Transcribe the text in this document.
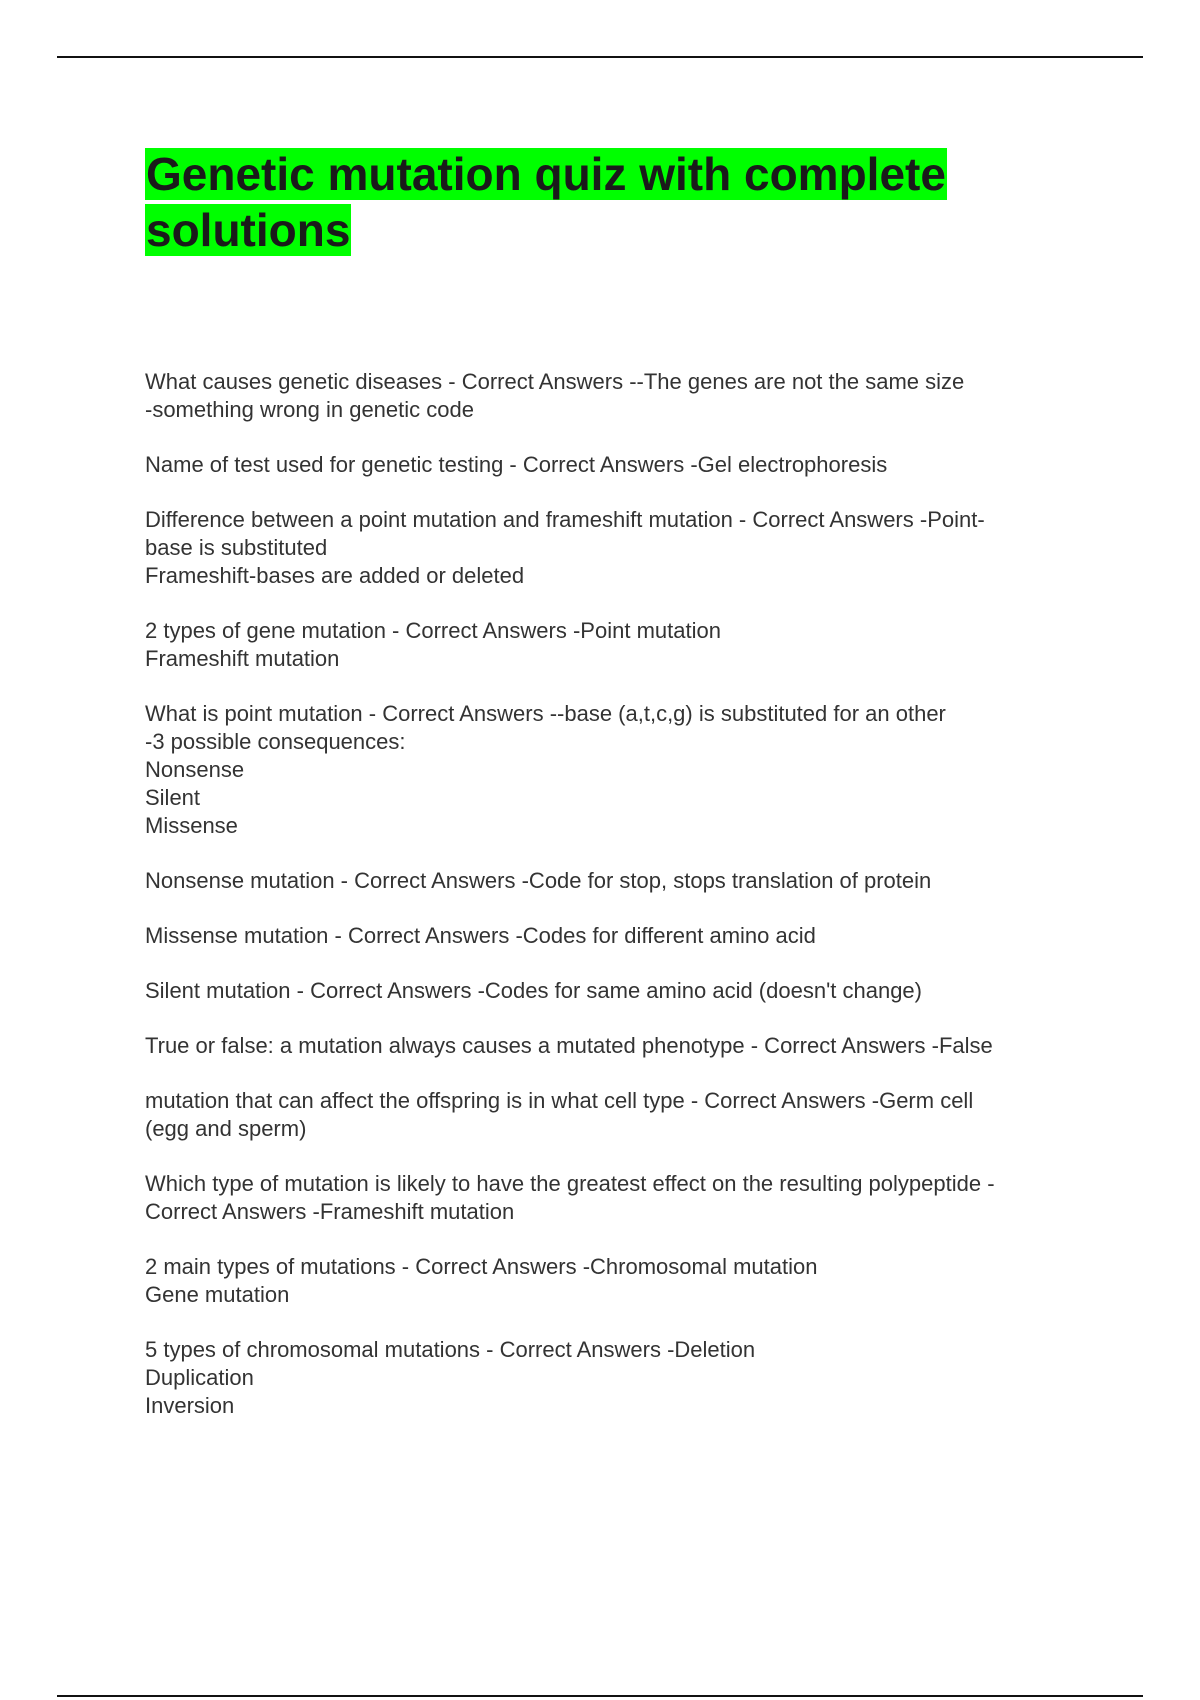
Genetic mutation quiz with complete solutions
What causes genetic diseases - Correct Answers --The genes are not the same size
-something wrong in genetic code
Name of test used for genetic testing - Correct Answers -Gel electrophoresis
Difference between a point mutation and frameshift mutation - Correct Answers -Point-
base is substituted
Frameshift-bases are added or deleted
2 types of gene mutation - Correct Answers -Point mutation
Frameshift mutation
What is point mutation - Correct Answers --base (a,t,c,g) is substituted for an other
-3 possible consequences:
Nonsense
Silent
Missense
Nonsense mutation - Correct Answers -Code for stop, stops translation of protein
Missense mutation - Correct Answers -Codes for different amino acid
Silent mutation - Correct Answers -Codes for same amino acid (doesn't change)
True or false: a mutation always causes a mutated phenotype - Correct Answers -False
mutation that can affect the offspring is in what cell type - Correct Answers -Germ cell
(egg and sperm)
Which type of mutation is likely to have the greatest effect on the resulting polypeptide -
Correct Answers -Frameshift mutation
2 main types of mutations - Correct Answers -Chromosomal mutation
Gene mutation
5 types of chromosomal mutations - Correct Answers -Deletion
Duplication
Inversion
